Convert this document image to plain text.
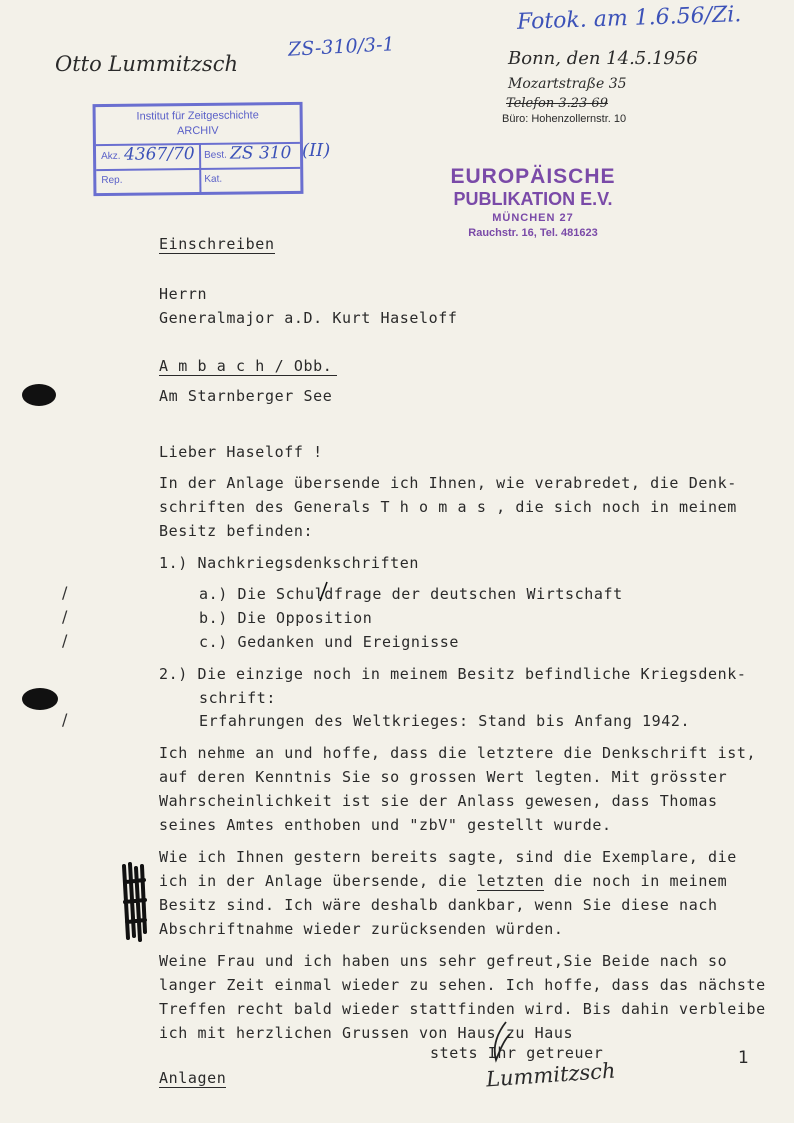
Otto Lummitzsch
ZS-310/3-1
Fotok. am 1.6.56/Zi.
Bonn, den 14.5.1956
Mozartstraße 35
Telefon 3.23 69
Büro: Hohenzollernstr. 10
Institut für Zeitgeschichte
ARCHIV
Akz. 4367/70 Best. ZS 310
Rep.	Kat.
(II)
EUROPÄISCHE
PUBLIKATION E.V.
MÜNCHEN 27
Rauchstr. 16, Tel. 481623
Einschreiben
Herrn
Generalmajor a.D. Kurt Haseloff
A m b a c h / Obb.
Am Starnberger See
Lieber Haseloff !
In der Anlage übersende ich Ihnen, wie verabredet, die Denk-
schriften des Generals T h o m a s , die sich noch in meinem
Besitz befinden:
1.) Nachkriegsdenkschriften
a.) Die Schuldfrage der deutschen Wirtschaft
b.) Die Opposition
c.) Gedanken und Ereignisse
2.) Die einzige noch in meinem Besitz befindliche Kriegsdenk-
schrift:
Erfahrungen des Weltkrieges: Stand bis Anfang 1942.
Ich nehme an und hoffe, dass die letztere die Denkschrift ist,
auf deren Kenntnis Sie so grossen Wert legten. Mit grösster
Wahrscheinlichkeit ist sie der Anlass gewesen, dass Thomas
seines Amtes enthoben und "zbV" gestellt wurde.
Wie ich Ihnen gestern bereits sagte, sind die Exemplare, die
ich in der Anlage übersende, die letzten die noch in meinem
Besitz sind. Ich wäre deshalb dankbar, wenn Sie diese nach
Abschriftnahme wieder zurücksenden würden.
Weine Frau und ich haben uns sehr gefreut,Sie Beide nach so
langer Zeit einmal wieder zu sehen. Ich hoffe, dass das nächste
Treffen recht bald wieder stattfinden wird. Bis dahin verbleibe
ich mit herzlichen Grussen von Haus zu Haus
stets Ihr getreuer
Lummitzsch
Anlagen
1
/
/
/
/
